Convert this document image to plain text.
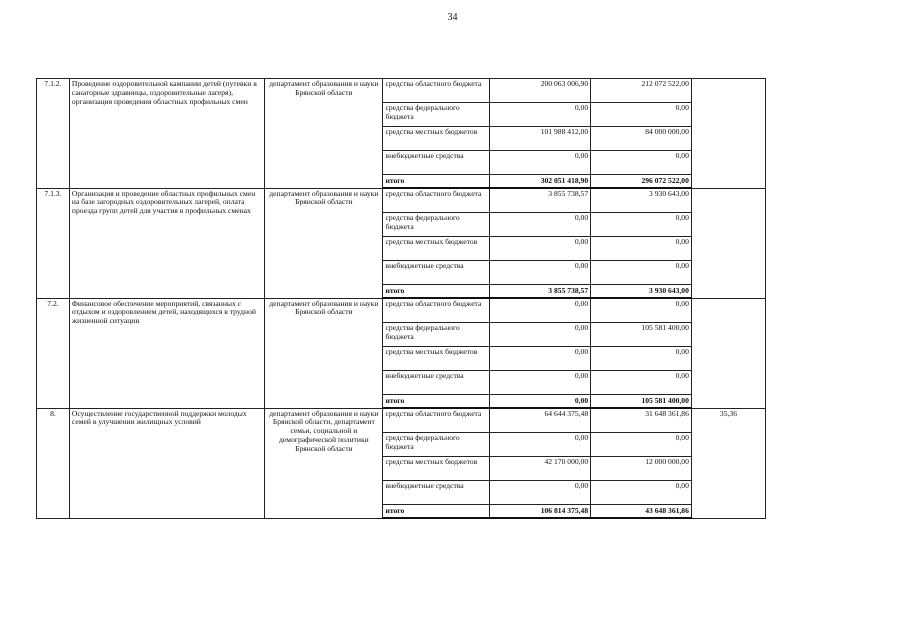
34
7.1.2.	Проведение оздоровительной кампании детей (путевки в санаторные здравницы, оздоровительные лагеря), организация проведения областных профильных смен	департамент образования и науки Брянской области	средства областного бюджета	200 063 006,90	212 072 522,00	
			средства федерального бюджета	0,00	0,00	
			средства местных бюджетов	101 988 412,00	84 000 000,00	
			внебюджетные средства	0,00	0,00	
			итого	302 051 418,90	296 072 522,00	
7.1.3.	Организация и проведение областных профильных смен на базе загородных оздоровительных лагерей, оплата проезда групп детей для участия в профильных сменах	департамент образования и науки Брянской области	средства областного бюджета	3 855 738,57	3 930 643,00	
			средства федерального бюджета	0,00	0,00	
			средства местных бюджетов	0,00	0,00	
			внебюджетные средства	0,00	0,00	
			итого	3 855 738,57	3 930 643,00	
7.2.	Финансовое обеспечение мероприятий, связанных с отдыхом и оздоровлением детей, находящихся в трудной жизненной ситуации	департамент образования и науки Брянской области	средства областного бюджета	0,00	0,00	
			средства федерального бюджета	0,00	105 581 400,00	
			средства местных бюджетов	0,00	0,00	
			внебюджетные средства	0,00	0,00	
			итого	0,00	105 581 400,00	
8.	Осуществление государственной поддержки молодых семей в улучшении жилищных условий	департамент образования и науки Брянской области, департамент семьи, социальной и демографической политики Брянской области	средства областного бюджета	64 644 375,48	31 648 361,86	35,36
			средства федерального бюджета	0,00	0,00	
			средства местных бюджетов	42 170 000,00	12 000 000,00	
			внебюджетные средства	0,00	0,00	
			итого	106 814 375,48	43 648 361,86	
